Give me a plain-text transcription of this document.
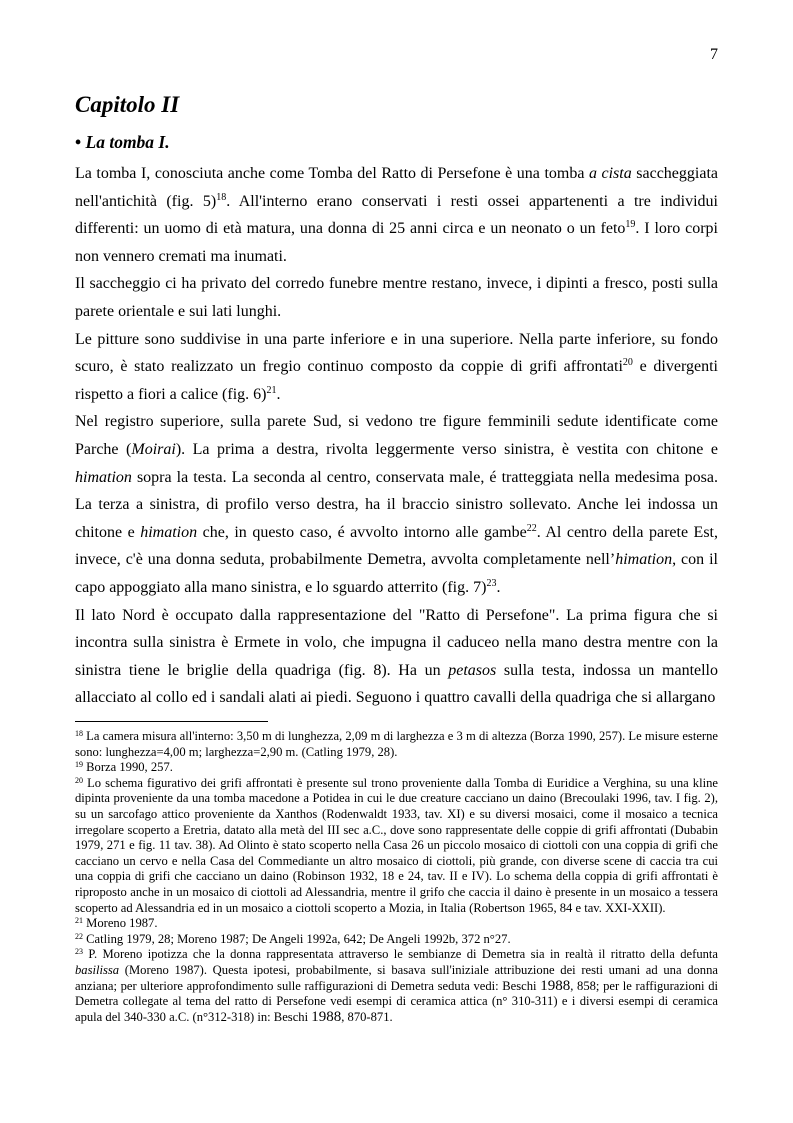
7
Capitolo II
• La tomba I.

La tomba I, conosciuta anche come Tomba del Ratto di Persefone è una tomba a cista saccheggiata nell'antichità (fig. 5)$^{18}$. All'interno erano conservati i resti ossei appartenenti a tre individui differenti: un uomo di età matura, una donna di 25 anni circa e un neonato o un feto$^{19}$. I loro corpi non vennero cremati ma inumati.

Il saccheggio ci ha privato del corredo funebre mentre restano, invece, i dipinti a fresco, posti sulla parete orientale e sui lati lunghi.

Le pitture sono suddivise in una parte inferiore e in una superiore. Nella parte inferiore, su fondo scuro, è stato realizzato un fregio continuo composto da coppie di grifi affrontati$^{20}$ e divergenti rispetto a fiori a calice (fig. 6)$^{21}$.

Nel registro superiore, sulla parete Sud, si vedono tre figure femminili sedute identificate come Parche (Moirai). La prima a destra, rivolta leggermente verso sinistra, è vestita con chitone e himation sopra la testa. La seconda al centro, conservata male, é tratteggiata nella medesima posa. La terza a sinistra, di profilo verso destra, ha il braccio sinistro sollevato. Anche lei indossa un chitone e himation che, in questo caso, é avvolto intorno alle gambe$^{22}$. Al centro della parete Est, invece, c'è una donna seduta, probabilmente Demetra, avvolta completamente nell’himation, con il capo appoggiato alla mano sinistra, e lo sguardo atterrito (fig. 7)$^{23}$.

Il lato Nord è occupato dalla rappresentazione del "Ratto di Persefone". La prima figura che si incontra sulla sinistra è Ermete in volo, che impugna il caduceo nella mano destra mentre con la sinistra tiene le briglie della quadriga (fig. 8). Ha un petasos sulla testa, indossa un mantello allacciato al collo ed i sandali alati ai piedi. Seguono i quattro cavalli della quadriga che si allargano

$^{18}$ La camera misura all'interno: 3,50 m di lunghezza, 2,09 m di larghezza e 3 m di altezza (Borza 1990, 257). Le misure esterne sono: lunghezza=4,00 m; larghezza=2,90 m. (Catling 1979, 28).

$^{19}$ Borza 1990, 257.

$^{20}$ Lo schema figurativo dei grifi affrontati è presente sul trono proveniente dalla Tomba di Euridice a Verghina, su una kline dipinta proveniente da una tomba macedone a Potidea in cui le due creature cacciano un daino (Brecoulaki 1996, tav. I fig. 2), su un sarcofago attico proveniente da Xanthos (Rodenwaldt 1933, tav. XI) e su diversi mosaici, come il mosaico a tecnica irregolare scoperto a Eretria, datato alla metà del III sec a.C., dove sono rappresentate delle coppie di grifi affrontati (Dubabin 1979, 271 e fig. 11 tav. 38). Ad Olinto è stato scoperto nella Casa 26 un piccolo mosaico di ciottoli con una coppia di grifi che cacciano un cervo e nella Casa del Commediante un altro mosaico di ciottoli, più grande, con diverse scene di caccia tra cui una coppia di grifi che cacciano un daino (Robinson 1932, 18 e 24, tav. II e IV). Lo schema della coppia di grifi affrontati è riproposto anche in un mosaico di ciottoli ad Alessandria, mentre il grifo che caccia il daino è presente in un mosaico a tessera scoperto ad Alessandria ed in un mosaico a ciottoli scoperto a Mozia, in Italia (Robertson 1965, 84 e tav. XXI-XXII).

$^{21}$ Moreno 1987.

$^{22}$ Catling 1979, 28; Moreno 1987; De Angeli 1992a, 642; De Angeli 1992b, 372 n°27.

$^{23}$ P. Moreno ipotizza che la donna rappresentata attraverso le sembianze di Demetra sia in realtà il ritratto della defunta basilissa (Moreno 1987). Questa ipotesi, probabilmente, si basava sull'iniziale attribuzione dei resti umani ad una donna anziana; per ulteriore approfondimento sulle raffigurazioni di Demetra seduta vedi: Beschi 1988, 858; per le raffigurazioni di Demetra collegate al tema del ratto di Persefone vedi esempi di ceramica attica (n° 310-311) e i diversi esempi di ceramica apula del 340-330 a.C. (n°312-318) in: Beschi 1988, 870-871.
